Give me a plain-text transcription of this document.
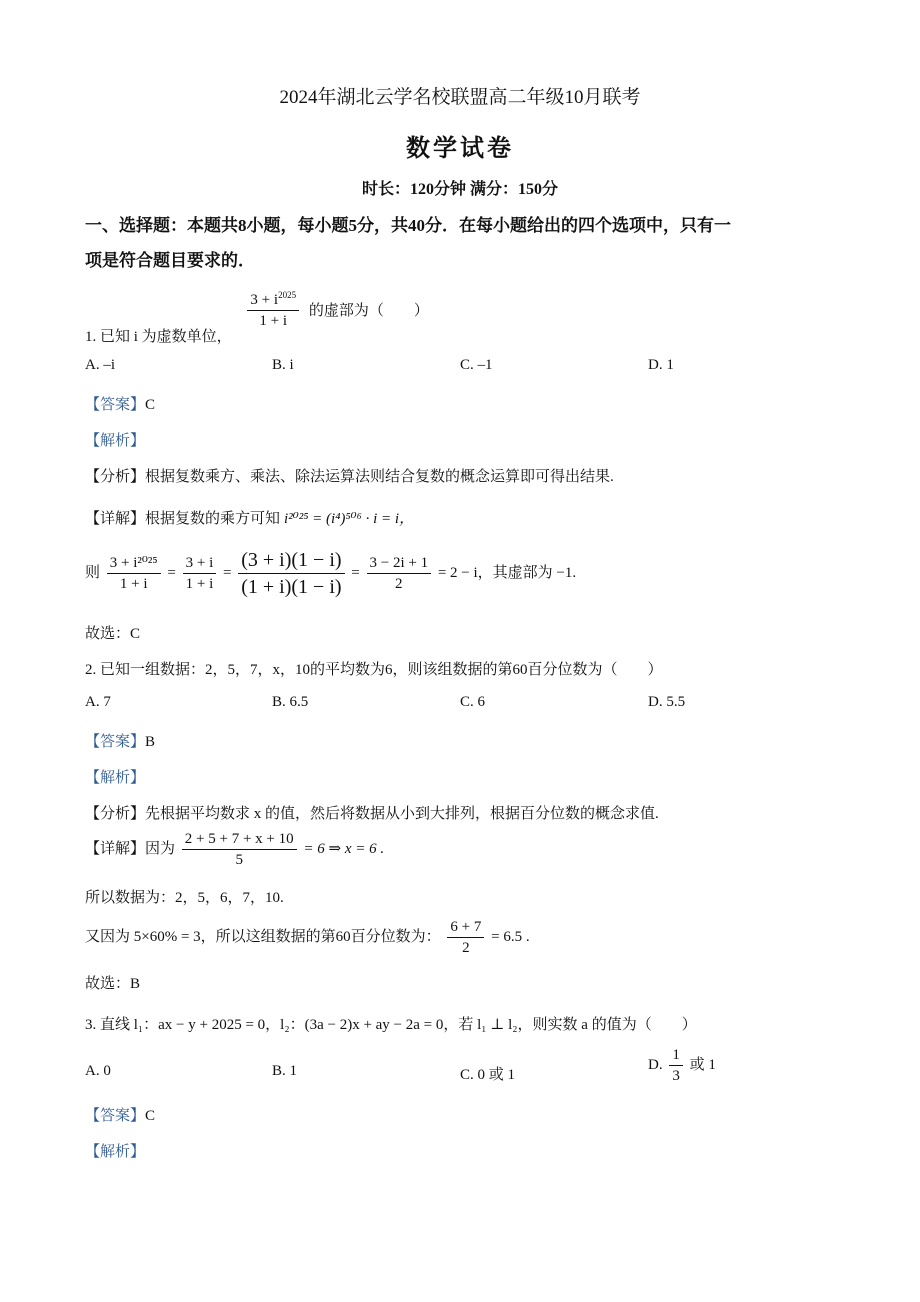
2024年湖北云学名校联盟高二年级10月联考
数学试卷
时长：120分钟 满分：150分
一、选择题：本题共8小题，每小题5分，共40分．在每小题给出的四个选项中，只有一
项是符合题目要求的．
1. 已知 i 为虚数单位，
$\frac{3 + i^{2025}}{1 + i}$ 的虚部为（　　）
A. –i	B. i	C. –1	D. 1
【答案】C
【解析】
【分析】根据复数乘方、乘法、除法运算法则结合复数的概念运算即可得出结果.
【详解】根据复数的乘方可知 i²⁰²⁵ = (i⁴)⁵⁰⁶ · i = i，
则 $\frac{\text{3 + i²⁰²⁵}}{1 + i} = \frac{3 + i}{1 + i} = \frac{(3 + i)(1 - i)}{(1 + i)(1 - i)} = \frac{3 - 2i + 1}{2} = 2 - i$，其虚部为 −1.
故选：C
2. 已知一组数据：2，5，7，x，10的平均数为6，则该组数据的第60百分位数为（　　）
A. 7	B. 6.5	C. 6	D. 5.5
【答案】B
【解析】
【分析】先根据平均数求 x 的值，然后将数据从小到大排列，根据百分位数的概念求值.
【详解】因为 $\frac{2 + 5 + 7 + x + 10}{5} = 6$ ⇒ x = 6 .
所以数据为：2，5，6，7，10.
又因为 5×60% = 3，所以这组数据的第60百分位数为： $\frac{6 + 7}{2} = 6.5$ .
故选：B
3. 直线 l₁：ax − y + 2025 = 0，l₂：(3a − 2)x + ay − 2a = 0，若 l₁ ⊥ l₂，则实数 a 的值为（　　）
A. 0	B. 1	C. 0 或 1
D. $\frac{1}{3}$ 或 1
【答案】C
【解析】
